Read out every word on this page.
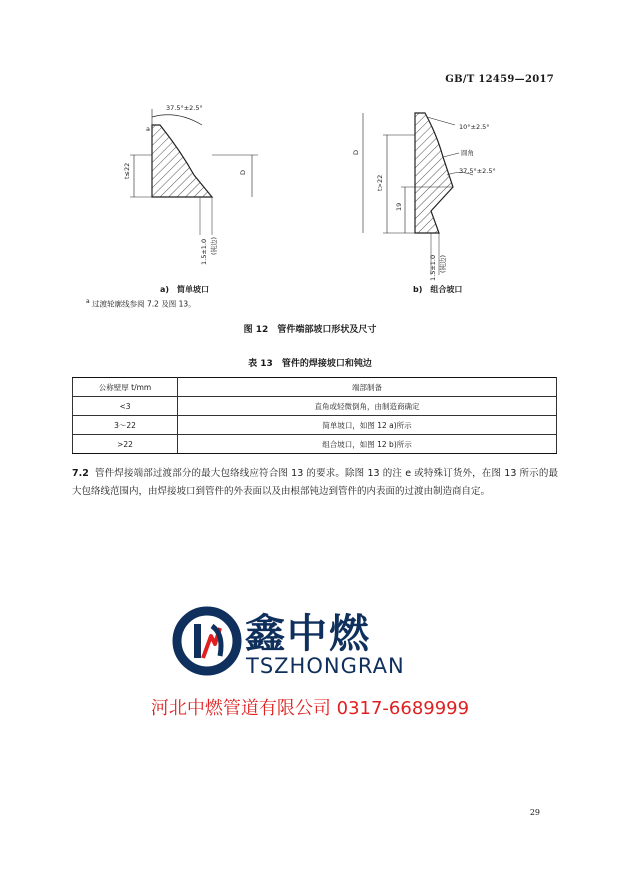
GB/T 12459—2017
37.5°±2.5°
t≤22	D
1.5±1.0 (钝边)
a	10°±2.5°
圆角
37.5°±2.5°
t>22
19
D
1.5±1.0 (钝边)
a)　简单坡口	b)　组合坡口
$^a$ 过渡轮廓线参阅 7.2 及图 13。
图 12　管件端部坡口形状及尺寸
表 13　管件的焊接坡口和钝边
公称壁厚 t/mm	端部制备
<3	直角或轻微倒角，由制造商确定
3～22	简单坡口，如图 12 a)所示
>22	组合坡口，如图 12 b)所示
7.2 管件焊接端部过渡部分的最大包络线应符合图 13 的要求。除图 13 的注 e 或特殊订货外，在图 13 所示的最大包络线范围内，由焊接坡口到管件的外表面以及由根部钝边到管件的内表面的过渡由制造商自定。
鑫中燃
TSZHONGRAN
河北中燃管道有限公司 0317-6689999
29
